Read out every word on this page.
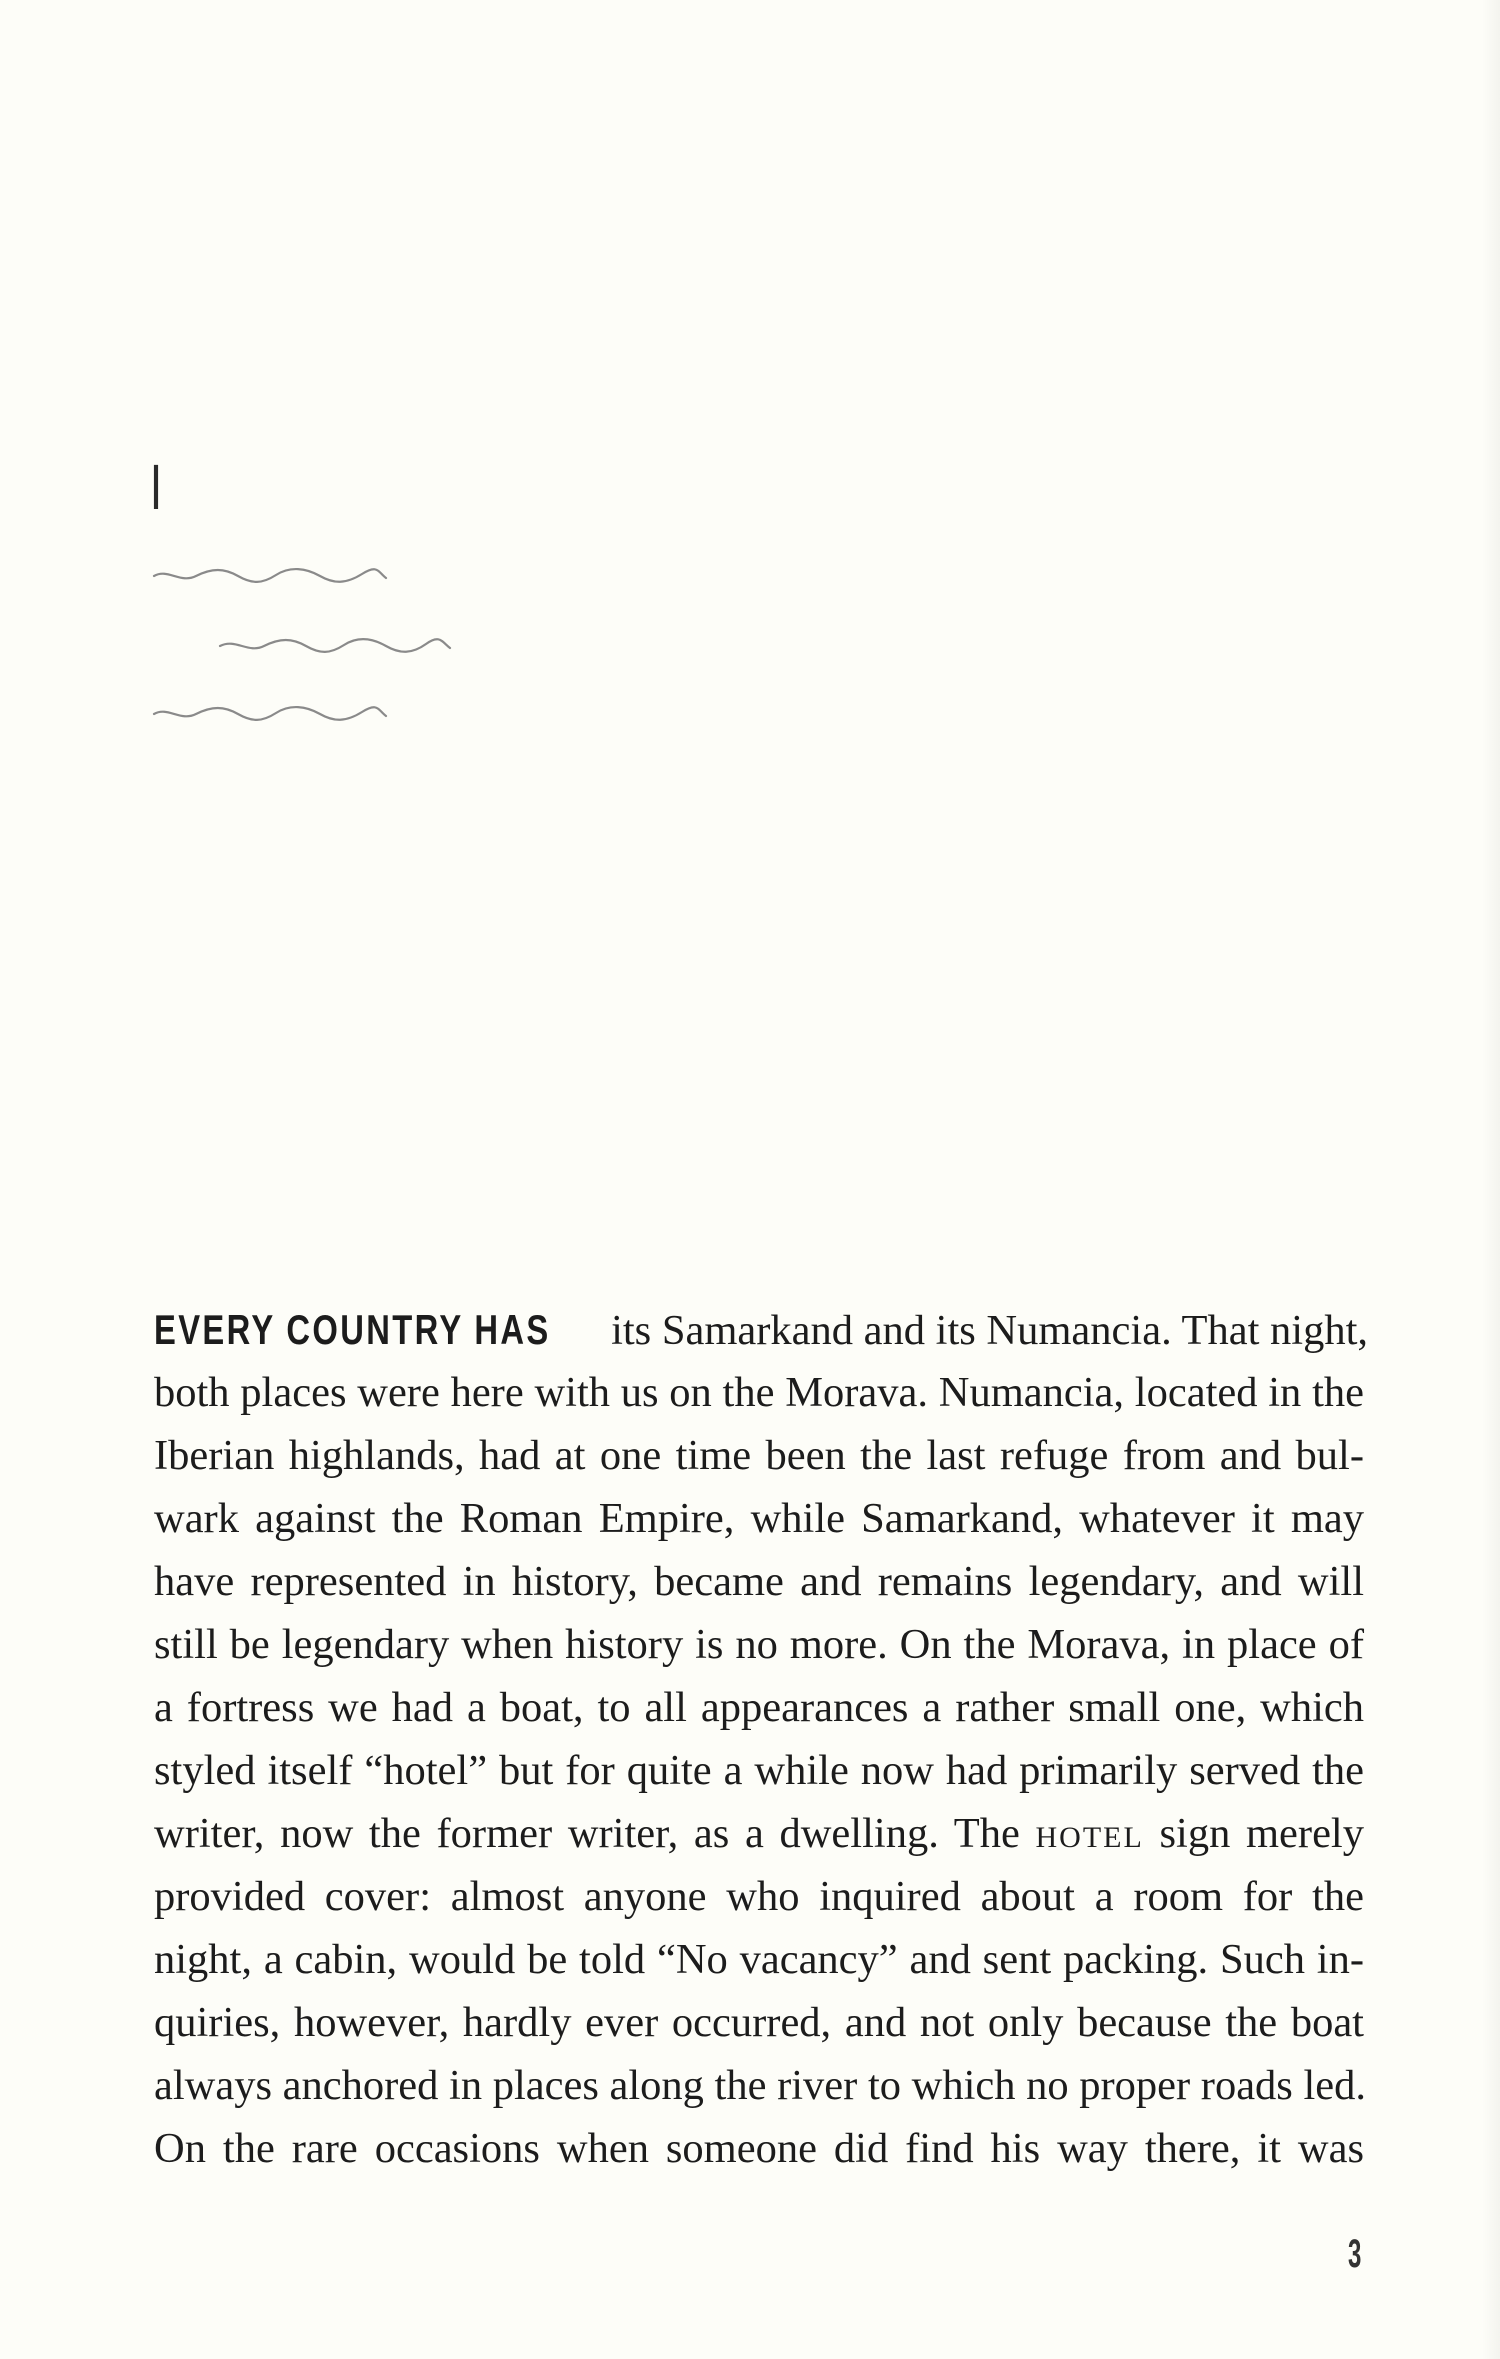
I
EVERY COUNTRY HAS its Samarkand and its Numancia. That night,
both places were here with us on the Morava. Numancia, located in the
Iberian highlands, had at one time been the last refuge from and bul-
wark against the Roman Empire, while Samarkand, whatever it may
have represented in history, became and remains legendary, and will
still be legendary when history is no more. On the Morava, in place of
a fortress we had a boat, to all appearances a rather small one, which
styled itself “hotel” but for quite a while now had primarily served the
writer, now the former writer, as a dwelling. The hotel sign merely
provided cover: almost anyone who inquired about a room for the
night, a cabin, would be told “No vacancy” and sent packing. Such in-
quiries, however, hardly ever occurred, and not only because the boat
always anchored in places along the river to which no proper roads led.
On the rare occasions when someone did find his way there, it was
3
